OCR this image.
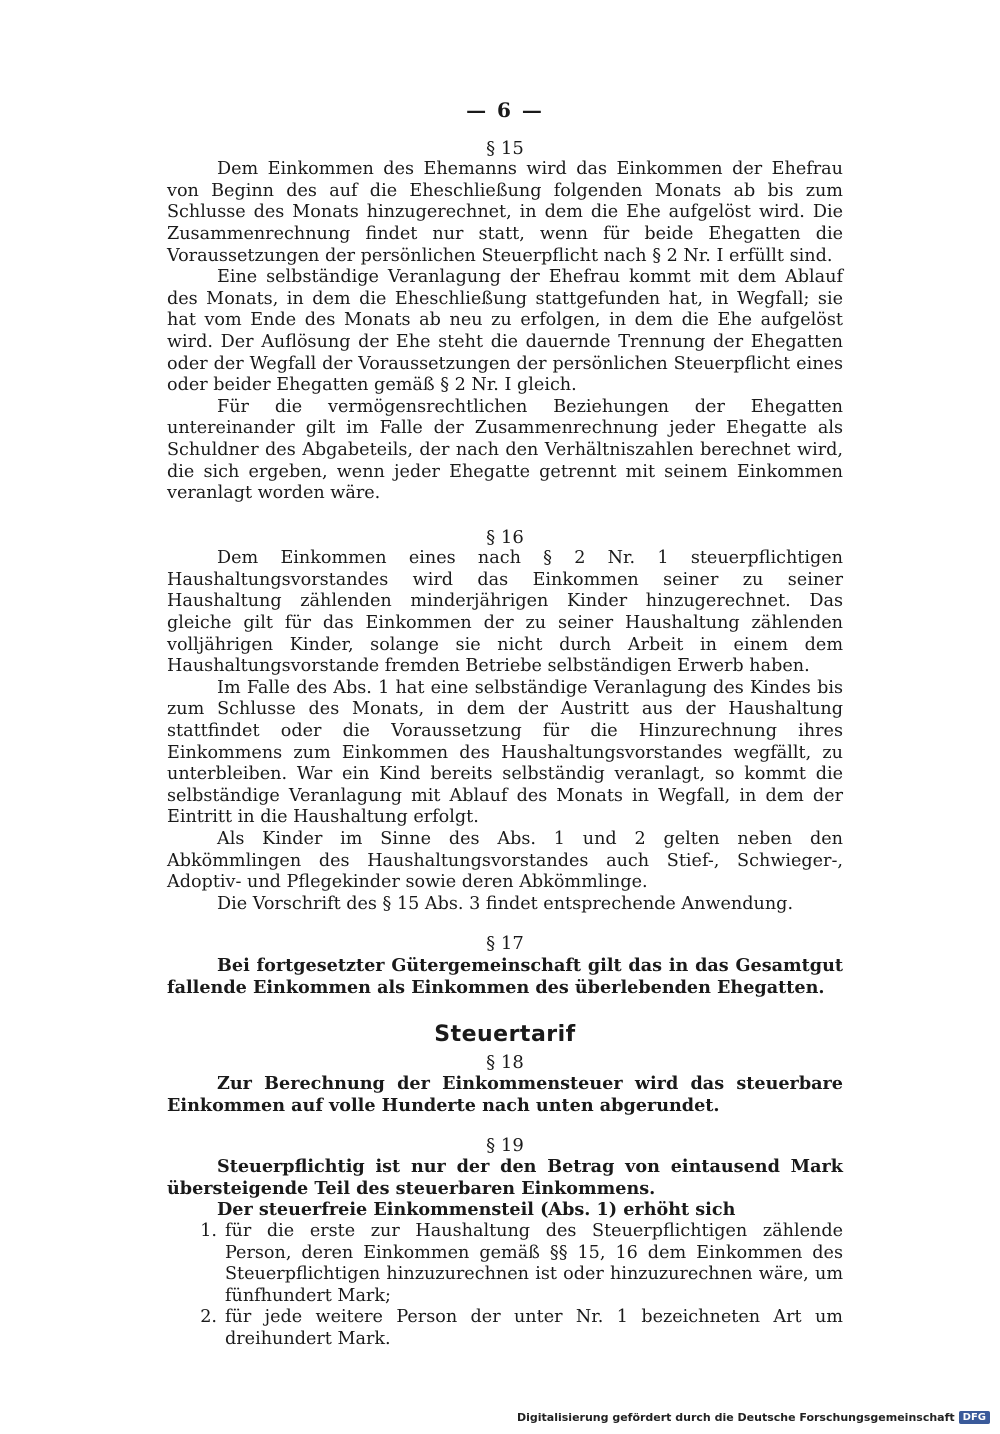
— 6 —
§ 15

Dem Einkommen des Ehemanns wird das Einkommen der Ehefrau von Beginn des auf die Eheschließung folgenden Monats ab bis zum Schlusse des Monats hinzugerechnet, in dem die Ehe aufgelöst wird. Die Zusammenrechnung findet nur statt, wenn für beide Ehegatten die Voraussetzungen der persönlichen Steuerpflicht nach § 2 Nr. I erfüllt sind.

Eine selbständige Veranlagung der Ehefrau kommt mit dem Ablauf des Monats, in dem die Eheschließung stattgefunden hat, in Wegfall; sie hat vom Ende des Monats ab neu zu erfolgen, in dem die Ehe aufgelöst wird. Der Auflösung der Ehe steht die dauernde Trennung der Ehegatten oder der Wegfall der Voraussetzungen der persönlichen Steuerpflicht eines oder beider Ehegatten gemäß § 2 Nr. I gleich.

Für die vermögensrechtlichen Beziehungen der Ehegatten untereinander gilt im Falle der Zusammenrechnung jeder Ehegatte als Schuldner des Abgabeteils, der nach den Verhältniszahlen berechnet wird, die sich ergeben, wenn jeder Ehegatte getrennt mit seinem Einkommen veranlagt worden wäre.

§ 16

Dem Einkommen eines nach § 2 Nr. 1 steuerpflichtigen Haushaltungsvorstandes wird das Einkommen seiner zu seiner Haushaltung zählenden minderjährigen Kinder hinzugerechnet. Das gleiche gilt für das Einkommen der zu seiner Haushaltung zählenden volljährigen Kinder, solange sie nicht durch Arbeit in einem dem Haushaltungsvorstande fremden Betriebe selbständigen Erwerb haben.

Im Falle des Abs. 1 hat eine selbständige Veranlagung des Kindes bis zum Schlusse des Monats, in dem der Austritt aus der Haushaltung stattfindet oder die Voraussetzung für die Hinzurechnung ihres Einkommens zum Einkommen des Haushaltungsvorstandes wegfällt, zu unterbleiben. War ein Kind bereits selbständig veranlagt, so kommt die selbständige Veranlagung mit Ablauf des Monats in Wegfall, in dem der Eintritt in die Haushaltung erfolgt.

Als Kinder im Sinne des Abs. 1 und 2 gelten neben den Abkömmlingen des Haushaltungsvorstandes auch Stief-, Schwieger-, Adoptiv- und Pflegekinder sowie deren Abkömmlinge.

Die Vorschrift des § 15 Abs. 3 findet entsprechende Anwendung.

§ 17

Bei fortgesetzter Gütergemeinschaft gilt das in das Gesamtgut fallende Einkommen als Einkommen des überlebenden Ehegatten.

Steuertarif
§ 18

Zur Berechnung der Einkommensteuer wird das steuerbare Einkommen auf volle Hunderte nach unten abgerundet.

§ 19

Steuerpflichtig ist nur der den Betrag von eintausend Mark übersteigende Teil des steuerbaren Einkommens.

Der steuerfreie Einkommensteil (Abs. 1) erhöht sich

1. für die erste zur Haushaltung des Steuerpflichtigen zählende Person, deren Einkommen gemäß §§ 15, 16 dem Einkommen des Steuerpflichtigen hinzuzurechnen ist oder hinzuzurechnen wäre, um fünfhundert Mark;
2. für jede weitere Person der unter Nr. 1 bezeichneten Art um dreihundert Mark.
Digitalisierung gefördert durch die Deutsche Forschungsgemeinschaft DFG
